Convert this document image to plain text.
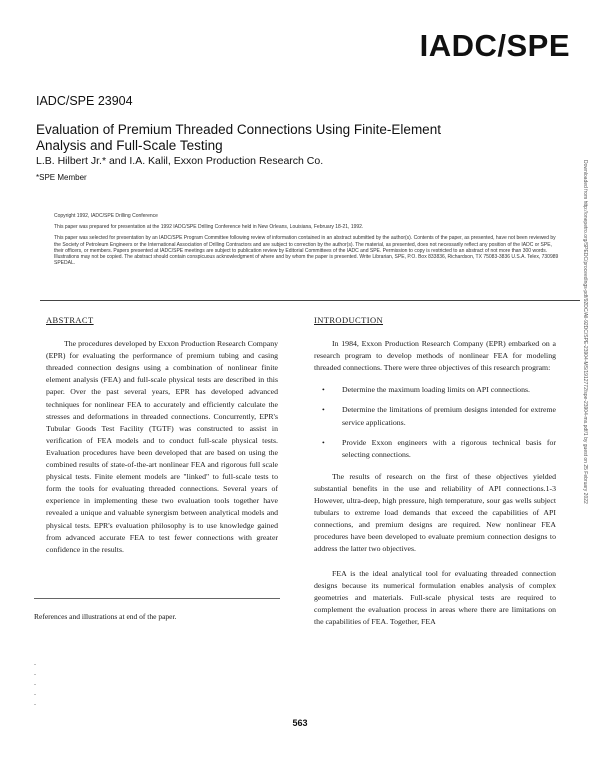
IADC/SPE
IADC/SPE 23904
Evaluation of Premium Threaded Connections Using Finite-Element Analysis and Full-Scale Testing
L.B. Hilbert Jr.* and I.A. Kalil, Exxon Production Research Co.
*SPE Member

Copyright 1992, IADC/SPE Drilling Conference

This paper was prepared for presentation at the 1992 IADC/SPE Drilling Conference held in New Orleans, Louisiana, February 18-21, 1992.

This paper was selected for presentation by an IADC/SPE Program Committee following review of information contained in an abstract submitted by the author(s). Contents of the paper, as presented, have not been reviewed by the Society of Petroleum Engineers or the International Association of Drilling Contractors and are subject to correction by the author(s). The material, as presented, does not necessarily reflect any position of the IADC or SPE, their officers, or members. Papers presented at IADC/SPE meetings are subject to publication review by Editorial Committees of the IADC and SPE. Permission to copy is restricted to an abstract of not more than 300 words. Illustrations may not be copied. The abstract should contain conspicuous acknowledgment of where and by whom the paper is presented. Write Librarian, SPE, P.O. Box 833836, Richardson, TX 75083-3836 U.S.A. Telex, 730989 SPEDAL.

ABSTRACT

The procedures developed by Exxon Production Research Company (EPR) for evaluating the performance of premium tubing and casing threaded connection designs using a combination of nonlinear finite element analysis (FEA) and full-scale physical tests are described in this paper. Over the past several years, EPR has developed advanced techniques for nonlinear FEA to accurately and efficiently calculate the stresses and deformations in threaded connections. Concurrently, EPR's Tubular Goods Test Facility (TGTF) was constructed to assist in verification of FEA models and to conduct full-scale physical tests. Evaluation procedures have been developed that are based on using the combined results of state-of-the-art nonlinear FEA and rigorous full scale physical tests. Finite element models are "linked" to full-scale tests to form the tools for evaluating threaded connections. Several years of experience in implementing these two evaluation tools together have revealed a unique and valuable synergism between analytical models and physical tests. EPR's evaluation philosophy is to use knowledge gained from advanced accurate FEA to test fewer connections with greater confidence in the results.

References and illustrations at end of the paper.
-
-
-
-
-
INTRODUCTION

In 1984, Exxon Production Research Company (EPR) embarked on a research program to develop methods of nonlinear FEA for modeling threaded connections. There were three objectives of this research program:

• Determine the maximum loading limits on API connections.
• Determine the limitations of premium designs intended for extreme service applications.
• Provide Exxon engineers with a rigorous technical basis for selecting connections.

The results of research on the first of these objectives yielded substantial benefits in the use and reliability of API connections.1-3 However, ultra-deep, high pressure, high temperature, sour gas wells subject tubulars to extreme load demands that exceed the capabilities of API connections, and premium designs are required. New nonlinear FEA procedures have been developed to evaluate premium connection designs to address the latter two objectives.

FEA is the ideal analytical tool for evaluating threaded connection designs because its numerical formulation enables analysis of complex geometries and materials. Full-scale physical tests are required to complement the evaluation process in areas where there are limitations on the capabilities of FEA. Together, FEA

563
Downloaded from http://onepetro.org/SPEDC/proceedings-pdf/92DC/All-92DC/SPE-23904-MS/1912772/spe-23904-ms.pdf/1 by guest on 25 February 2022
